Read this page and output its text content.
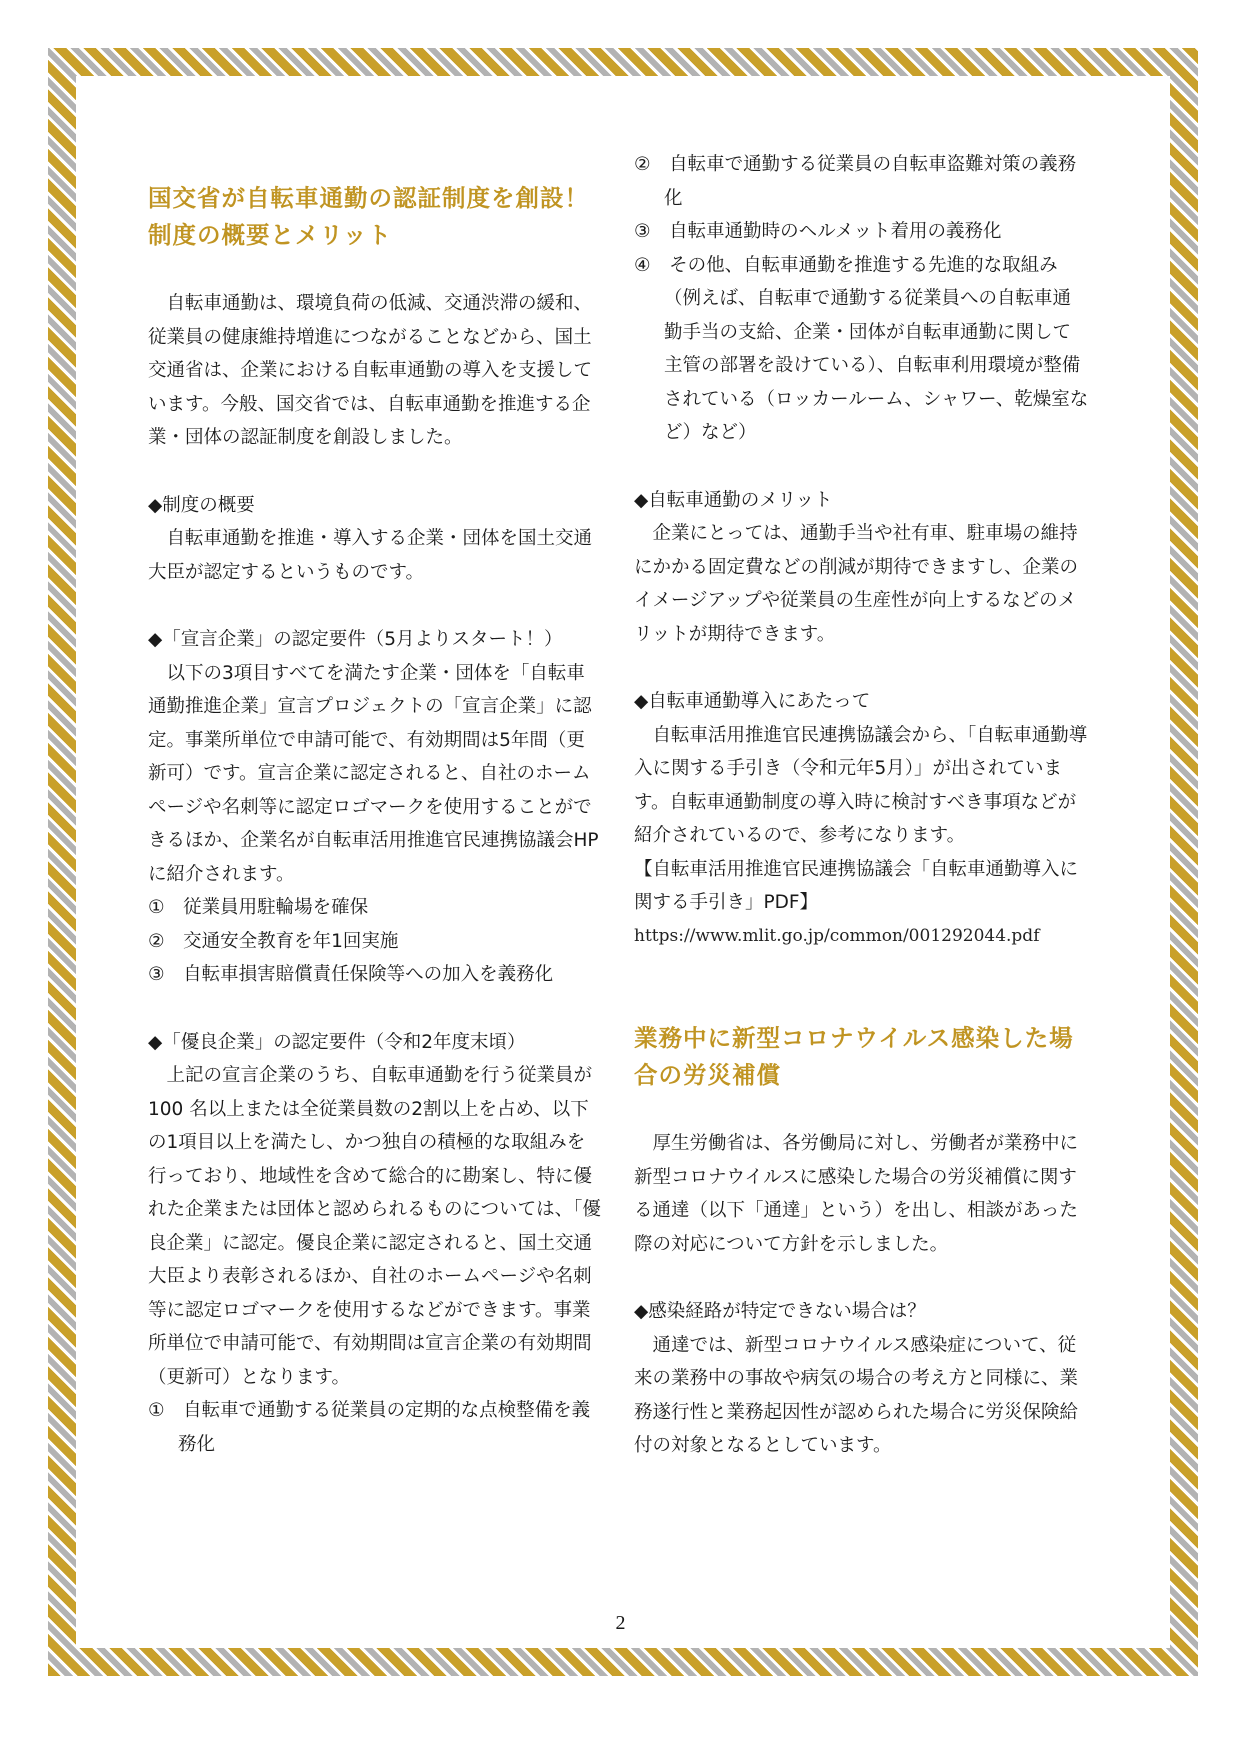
国交省が自転車通勤の認証制度を創設！ 制度の概要とメリット

　自転車通勤は、環境負荷の低減、交通渋滞の緩和、従業員の健康維持増進につながることなどから、国土交通省は、企業における自転車通勤の導入を支援しています。今般、国交省では、自転車通勤を推進する企業・団体の認証制度を創設しました。

◆制度の概要

　自転車通勤を推進・導入する企業・団体を国土交通大臣が認定するというものです。

◆「宣言企業」の認定要件（5月よりスタート！）

　以下の3項目すべてを満たす企業・団体を「自転車通勤推進企業」宣言プロジェクトの「宣言企業」に認定。事業所単位で申請可能で、有効期間は5年間（更新可）です。宣言企業に認定されると、自社のホームページや名刺等に認定ロゴマークを使用することができるほか、企業名が自転車活用推進官民連携協議会HPに紹介されます。

①　従業員用駐輪場を確保

②　交通安全教育を年1回実施

③　自転車損害賠償責任保険等への加入を義務化

◆「優良企業」の認定要件（令和2年度末頃）

　上記の宣言企業のうち、自転車通勤を行う従業員が 100 名以上または全従業員数の2割以上を占め、以下の1項目以上を満たし、かつ独自の積極的な取組みを行っており、地域性を含めて総合的に勘案し、特に優れた企業または団体と認められるものについては、「優良企業」に認定。優良企業に認定されると、国土交通大臣より表彰されるほか、自社のホームページや名刺等に認定ロゴマークを使用するなどができます。事業所単位で申請可能で、有効期間は宣言企業の有効期間（更新可）となります。

①　自転車で通勤する従業員の定期的な点検整備を義務化

②　自転車で通勤する従業員の自転車盗難対策の義務化

③　自転車通勤時のヘルメット着用の義務化

④　その他、自転車通勤を推進する先進的な取組み（例えば、自転車で通勤する従業員への自転車通勤手当の支給、企業・団体が自転車通勤に関して主管の部署を設けている）、自転車利用環境が整備されている（ロッカールーム、シャワー、乾燥室など）など）

◆自転車通勤のメリット

　企業にとっては、通勤手当や社有車、駐車場の維持にかかる固定費などの削減が期待できますし、企業のイメージアップや従業員の生産性が向上するなどのメリットが期待できます。

◆自転車通勤導入にあたって

　自転車活用推進官民連携協議会から、「自転車通勤導入に関する手引き（令和元年5月）」が出されています。自転車通勤制度の導入時に検討すべき事項などが紹介されているので、参考になります。

【自転車活用推進官民連携協議会「自転車通勤導入に関する手引き」PDF】

https://www.mlit.go.jp/common/001292044.pdf

業務中に新型コロナウイルス感染した場合の労災補償

　厚生労働省は、各労働局に対し、労働者が業務中に新型コロナウイルスに感染した場合の労災補償に関する通達（以下「通達」という）を出し、相談があった際の対応について方針を示しました。

◆感染経路が特定できない場合は？

　通達では、新型コロナウイルス感染症について、従来の業務中の事故や病気の場合の考え方と同様に、業務遂行性と業務起因性が認められた場合に労災保険給付の対象となるとしています。

2
